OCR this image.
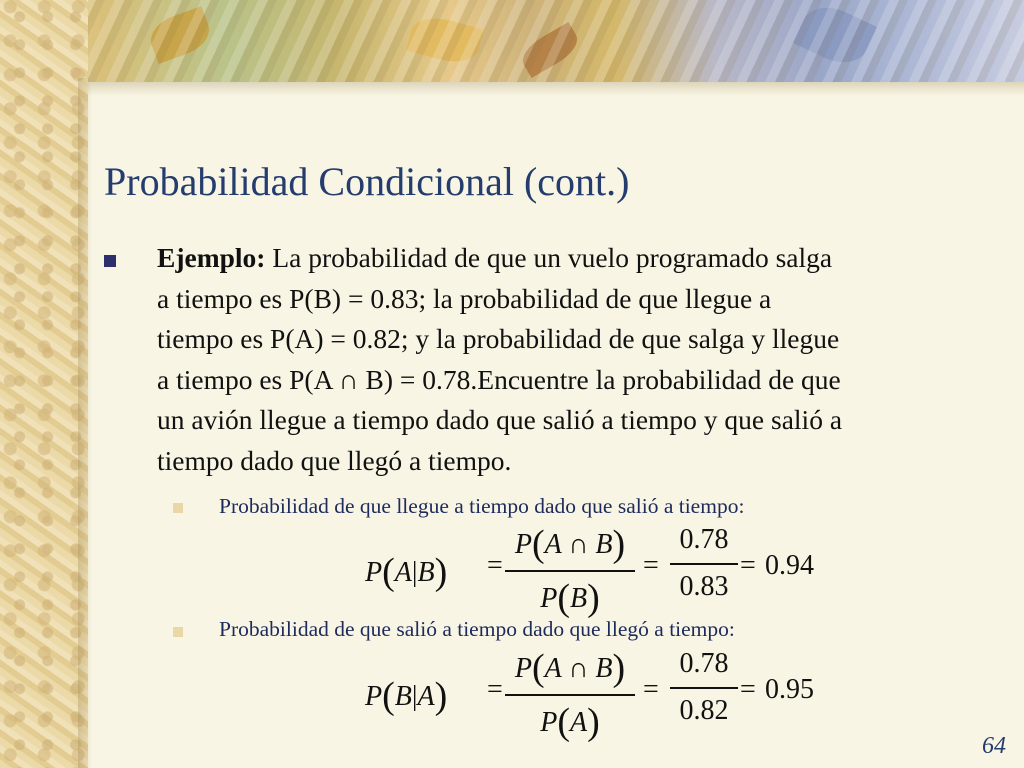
Probabilidad Condicional (cont.)
Ejemplo: La probabilidad de que un vuelo programado salga
a tiempo es P(B) = 0.83; la probabilidad de que llegue a
tiempo es P(A) = 0.82; y la probabilidad de que salga y llegue
a tiempo es P(A ∩ B) = 0.78.Encuentre la probabilidad de que
un avión llegue a tiempo dado que salió a tiempo y que salió a
tiempo dado que llegó a tiempo.
Probabilidad de que llegue a tiempo dado que salió a tiempo:
P(A|B) =
P(A ∩ B)
P(B)
=
0.78
0.83
= 0.94
Probabilidad de que salió a tiempo dado que llegó a tiempo:
P(B|A) =
P(A ∩ B)
P(A)
=
0.78
0.82
= 0.95
64
